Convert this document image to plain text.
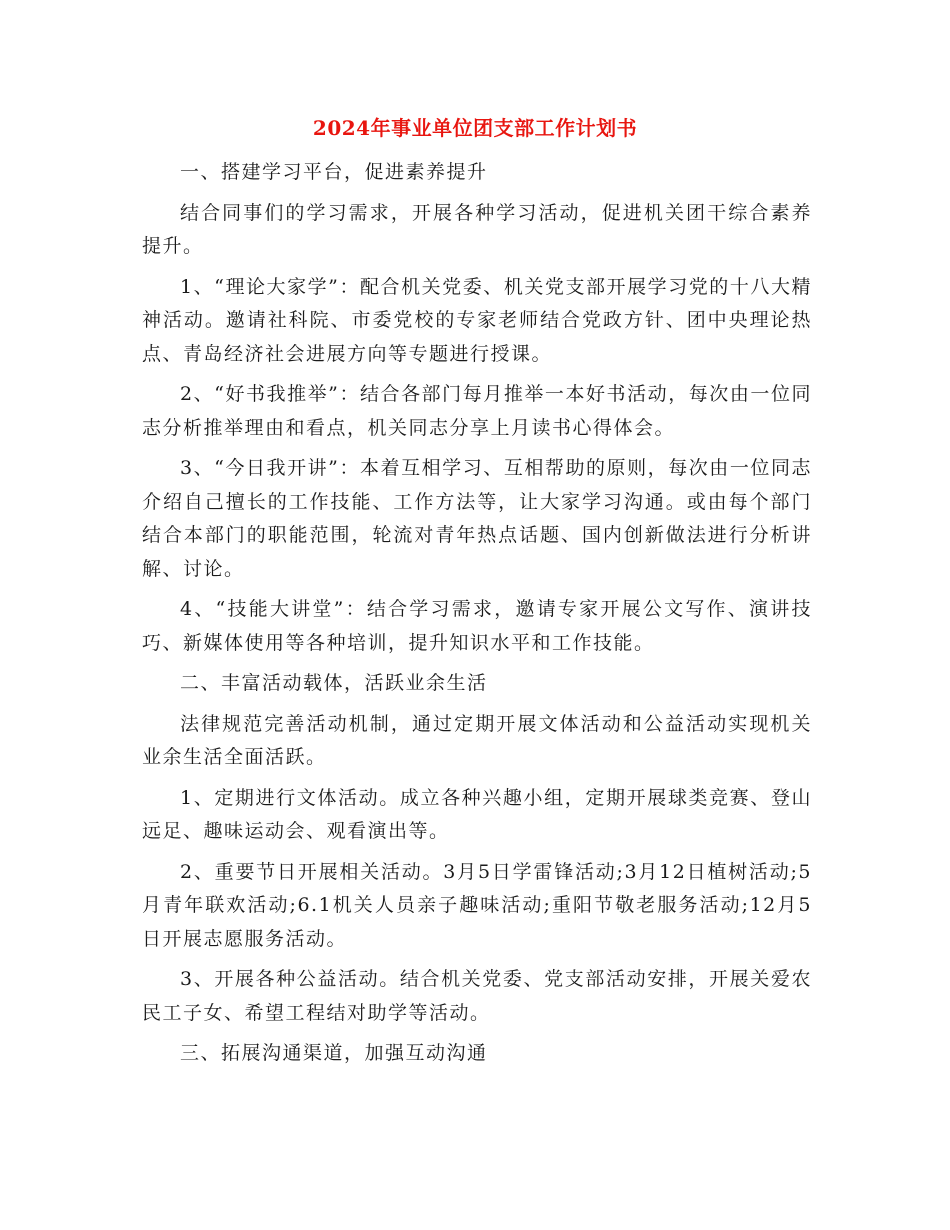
2024年事业单位团支部工作计划书

一、搭建学习平台，促进素养提升

结合同事们的学习需求，开展各种学习活动，促进机关团干综合素养提升。

1、“理论大家学”：配合机关党委、机关党支部开展学习党的十八大精神活动。邀请社科院、市委党校的专家老师结合党政方针、团中央理论热点、青岛经济社会进展方向等专题进行授课。

2、“好书我推举”：结合各部门每月推举一本好书活动，每次由一位同志分析推举理由和看点，机关同志分享上月读书心得体会。

3、“今日我开讲”：本着互相学习、互相帮助的原则，每次由一位同志介绍自己擅长的工作技能、工作方法等，让大家学习沟通。或由每个部门结合本部门的职能范围，轮流对青年热点话题、国内创新做法进行分析讲解、讨论。

4、“技能大讲堂”：结合学习需求，邀请专家开展公文写作、演讲技巧、新媒体使用等各种培训，提升知识水平和工作技能。

二、丰富活动载体，活跃业余生活

法律规范完善活动机制，通过定期开展文体活动和公益活动实现机关业余生活全面活跃。

1、定期进行文体活动。成立各种兴趣小组，定期开展球类竞赛、登山远足、趣味运动会、观看演出等。

2、重要节日开展相关活动。3月5日学雷锋活动;3月12日植树活动;5月青年联欢活动;6.1机关人员亲子趣味活动;重阳节敬老服务活动;12月5日开展志愿服务活动。

3、开展各种公益活动。结合机关党委、党支部活动安排，开展关爱农民工子女、希望工程结对助学等活动。

三、拓展沟通渠道，加强互动沟通
